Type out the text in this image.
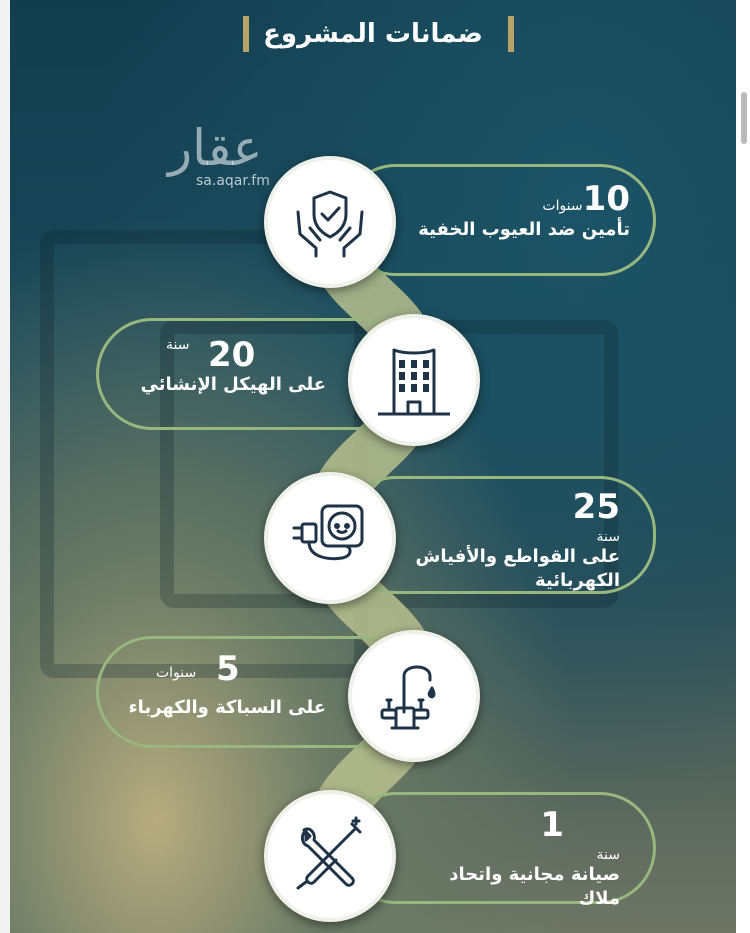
ضمانات المشروع
عقار
sa.aqar.fm	10سنوات
تأمين ضد العيوب الخفية
20
سنة
على الهيكل الإنشائي
25
سنة
على القواطع والأفياش
الكهربائية
5
سنوات
على السباكة والكهرباء
1
سنة
صيانة مجانية واتحاد ملاك
